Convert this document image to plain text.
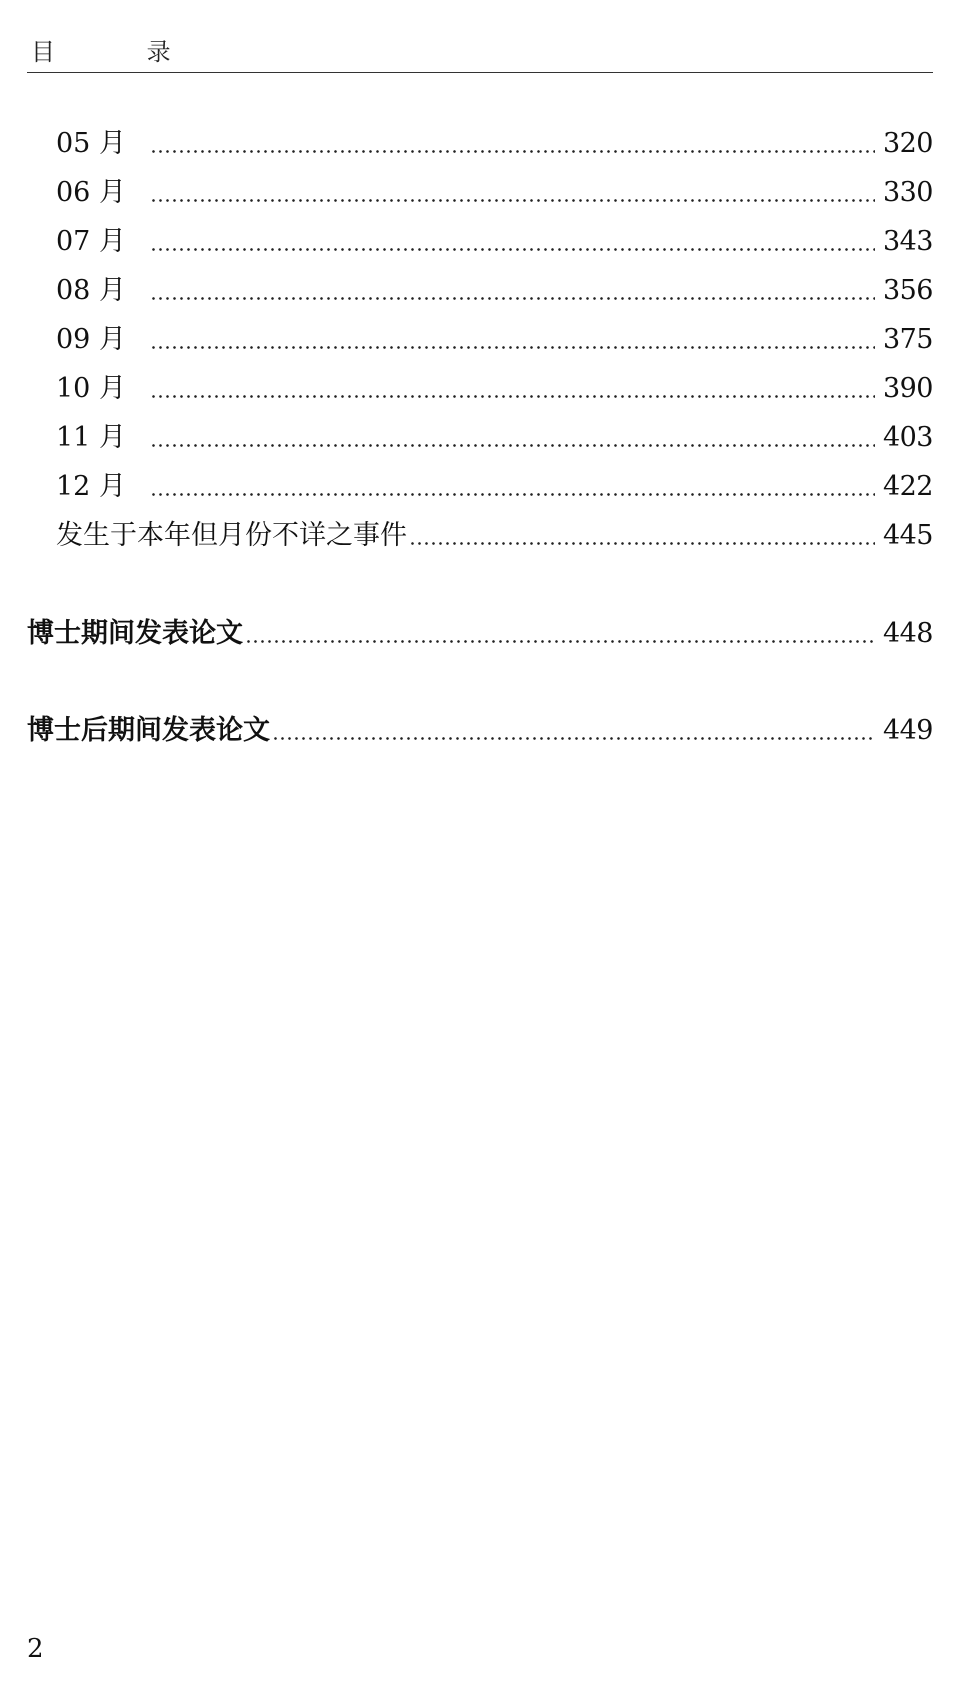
目 录
05 月	320
06 月	330
07 月	343
08 月	356
09 月	375
10 月	390
11 月	403
12 月	422
发生于本年但月份不详之事件	445
博士期间发表论文	448
博士后期间发表论文	449
2
